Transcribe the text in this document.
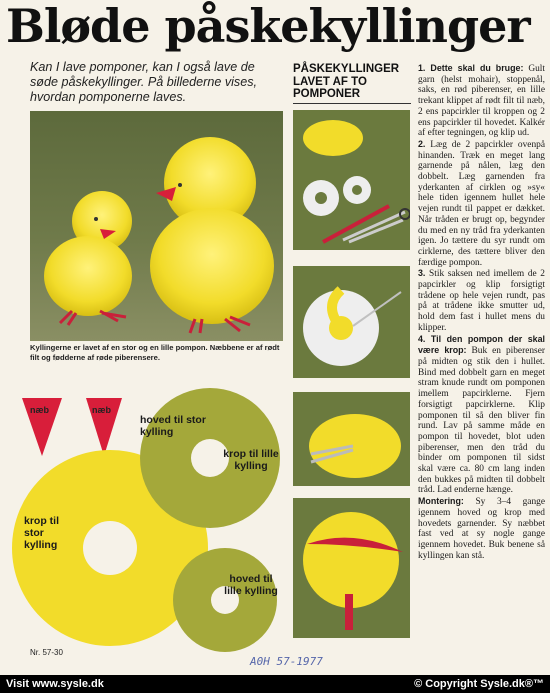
Bløde påskekyllinger
Kan I lave pomponer, kan I også lave de søde påskekyllinger. På billederne vises, hvordan pomponerne laves.
Kyllingerne er lavet af en stor og en lille pompon. Næbbene er af rødt filt og fødderne af røde piberensere.
næb	næb
hoved til stor kylling
krop til lille kylling
krop til stor kylling
hoved til lille kylling
Nr. 57-30
PÅSKEKYLLINGER LAVET AF TO POMPONER

1. Dette skal du bruge: Gult garn (helst mohair), stoppenål, saks, en rød piberenser, en lille trekant klippet af rødt filt til næb, 2 ens papcirkler til kroppen og 2 ens papcirkler til hovedet. Kalkér af efter tegningen, og klip ud.

2. Læg de 2 papcirkler ovenpå hinanden. Træk en meget lang garnende på nålen, læg den dobbelt. Læg garnenden fra yderkanten af cirklen og »sy« hele tiden igennem hullet hele vejen rundt til pappet er dækket. Når tråden er brugt op, begynder du med en ny tråd fra yderkanten igen. Jo tættere du syr rundt om cirklerne, des tættere bliver den færdige pompon.

3. Stik saksen ned imellem de 2 papcirkler og klip forsigtigt trådene op hele vejen rundt, pas på at trådene ikke smutter ud, hold dem fast i hullet mens du klipper.

4. Til den pompon der skal være krop: Buk en piberenser på midten og stik den i hullet. Bind med dobbelt garn en meget stram knude rundt om pomponen imellem papcirklerne. Fjern forsigtigt papcirklerne. Klip pomponen til så den bliver fin rund. Lav på samme måde en pompon til hovedet, blot uden piberenser, men den tråd du binder om pomponen til sidst skal være ca. 80 cm lang inden den bukkes på midten til dobbelt tråd. Lad enderne hænge.

Montering: Sy 3–4 gange igennem hoved og krop med hovedets garnender. Sy næbbet fast ved at sy nogle gange igennem hovedet. Buk benene så kyllingen kan stå.

A0H 57-1977
Visit www.sysle.dk	© Copyright Sysle.dk®™
